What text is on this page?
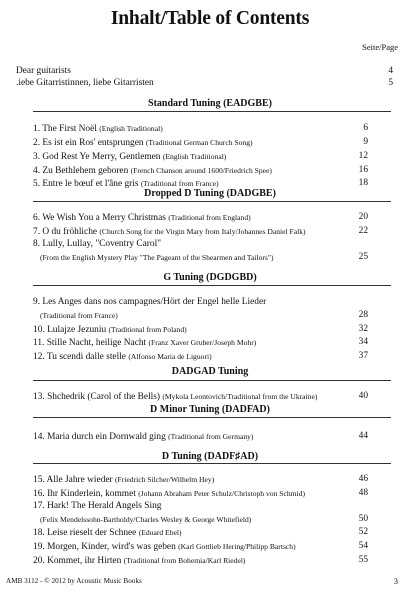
Inhalt/Table of Contents
Seite/Page
Dear guitarists	4
.iebe Gitarristinnen, liebe Gitarristen	5
Standard Tuning (EADGBE)
1. The First Noël (English Traditional)	6
2. Es ist ein Ros' entsprungen (Traditional German Church Song)	9
3. God Rest Ye Merry, Gentlemen (English Traditional)	12
4. Zu Bethlehem geboren (French Chanson around 1600/Friedrich Spee)	16
5. Entre le bœuf et l'âne gris (Traditional from France)	18
Dropped D Tuning (DADGBE)
6. We Wish You a Merry Christmas (Traditional from England)	20
7. O du fröhliche (Church Song for the Virgin Mary from Italy/Johannes Daniel Falk)	22
8. Lully, Lullay, "Coventry Carol"
(From the English Mystery Play "The Pageant of the Shearmen and Tailors")	25
G Tuning (DGDGBD)
9. Les Anges dans nos campagnes/Hört der Engel helle Lieder
(Traditional from France)	28
10. Lulajze Jezuniu (Traditional from Poland)	32
11. Stille Nacht, heilige Nacht (Franz Xaver Gruber/Joseph Mohr)	34
12. Tu scendi dalle stelle (Alfonso Maria de Liguori)	37
DADGAD Tuning
13. Shchedrik (Carol of the Bells) (Mykola Leontovich/Traditional from the Ukraine)	40
D Minor Tuning (DADFAD)
14. Maria durch ein Dornwald ging (Traditional from Germany)	44
D Tuning (DADF♯AD)
15. Alle Jahre wieder (Friedrich Silcher/Wilhelm Hey)	46
16. Ihr Kinderlein, kommet (Johann Abraham Peter Schulz/Christoph von Schmid)	48
17. Hark! The Herald Angels Sing
(Felix Mendelssohn-Bartholdy/Charles Wesley & George Whitefield)	50
18. Leise rieselt der Schnee (Eduard Ebel)	52
19. Morgen, Kinder, wird's was geben (Karl Gottlieb Hering/Philipp Bartsch)	54
20. Kommet, ihr Hirten (Traditional from Bohemia/Karl Riedel)	55
AMB 3112 - © 2012 by Acoustic Music Books	3
